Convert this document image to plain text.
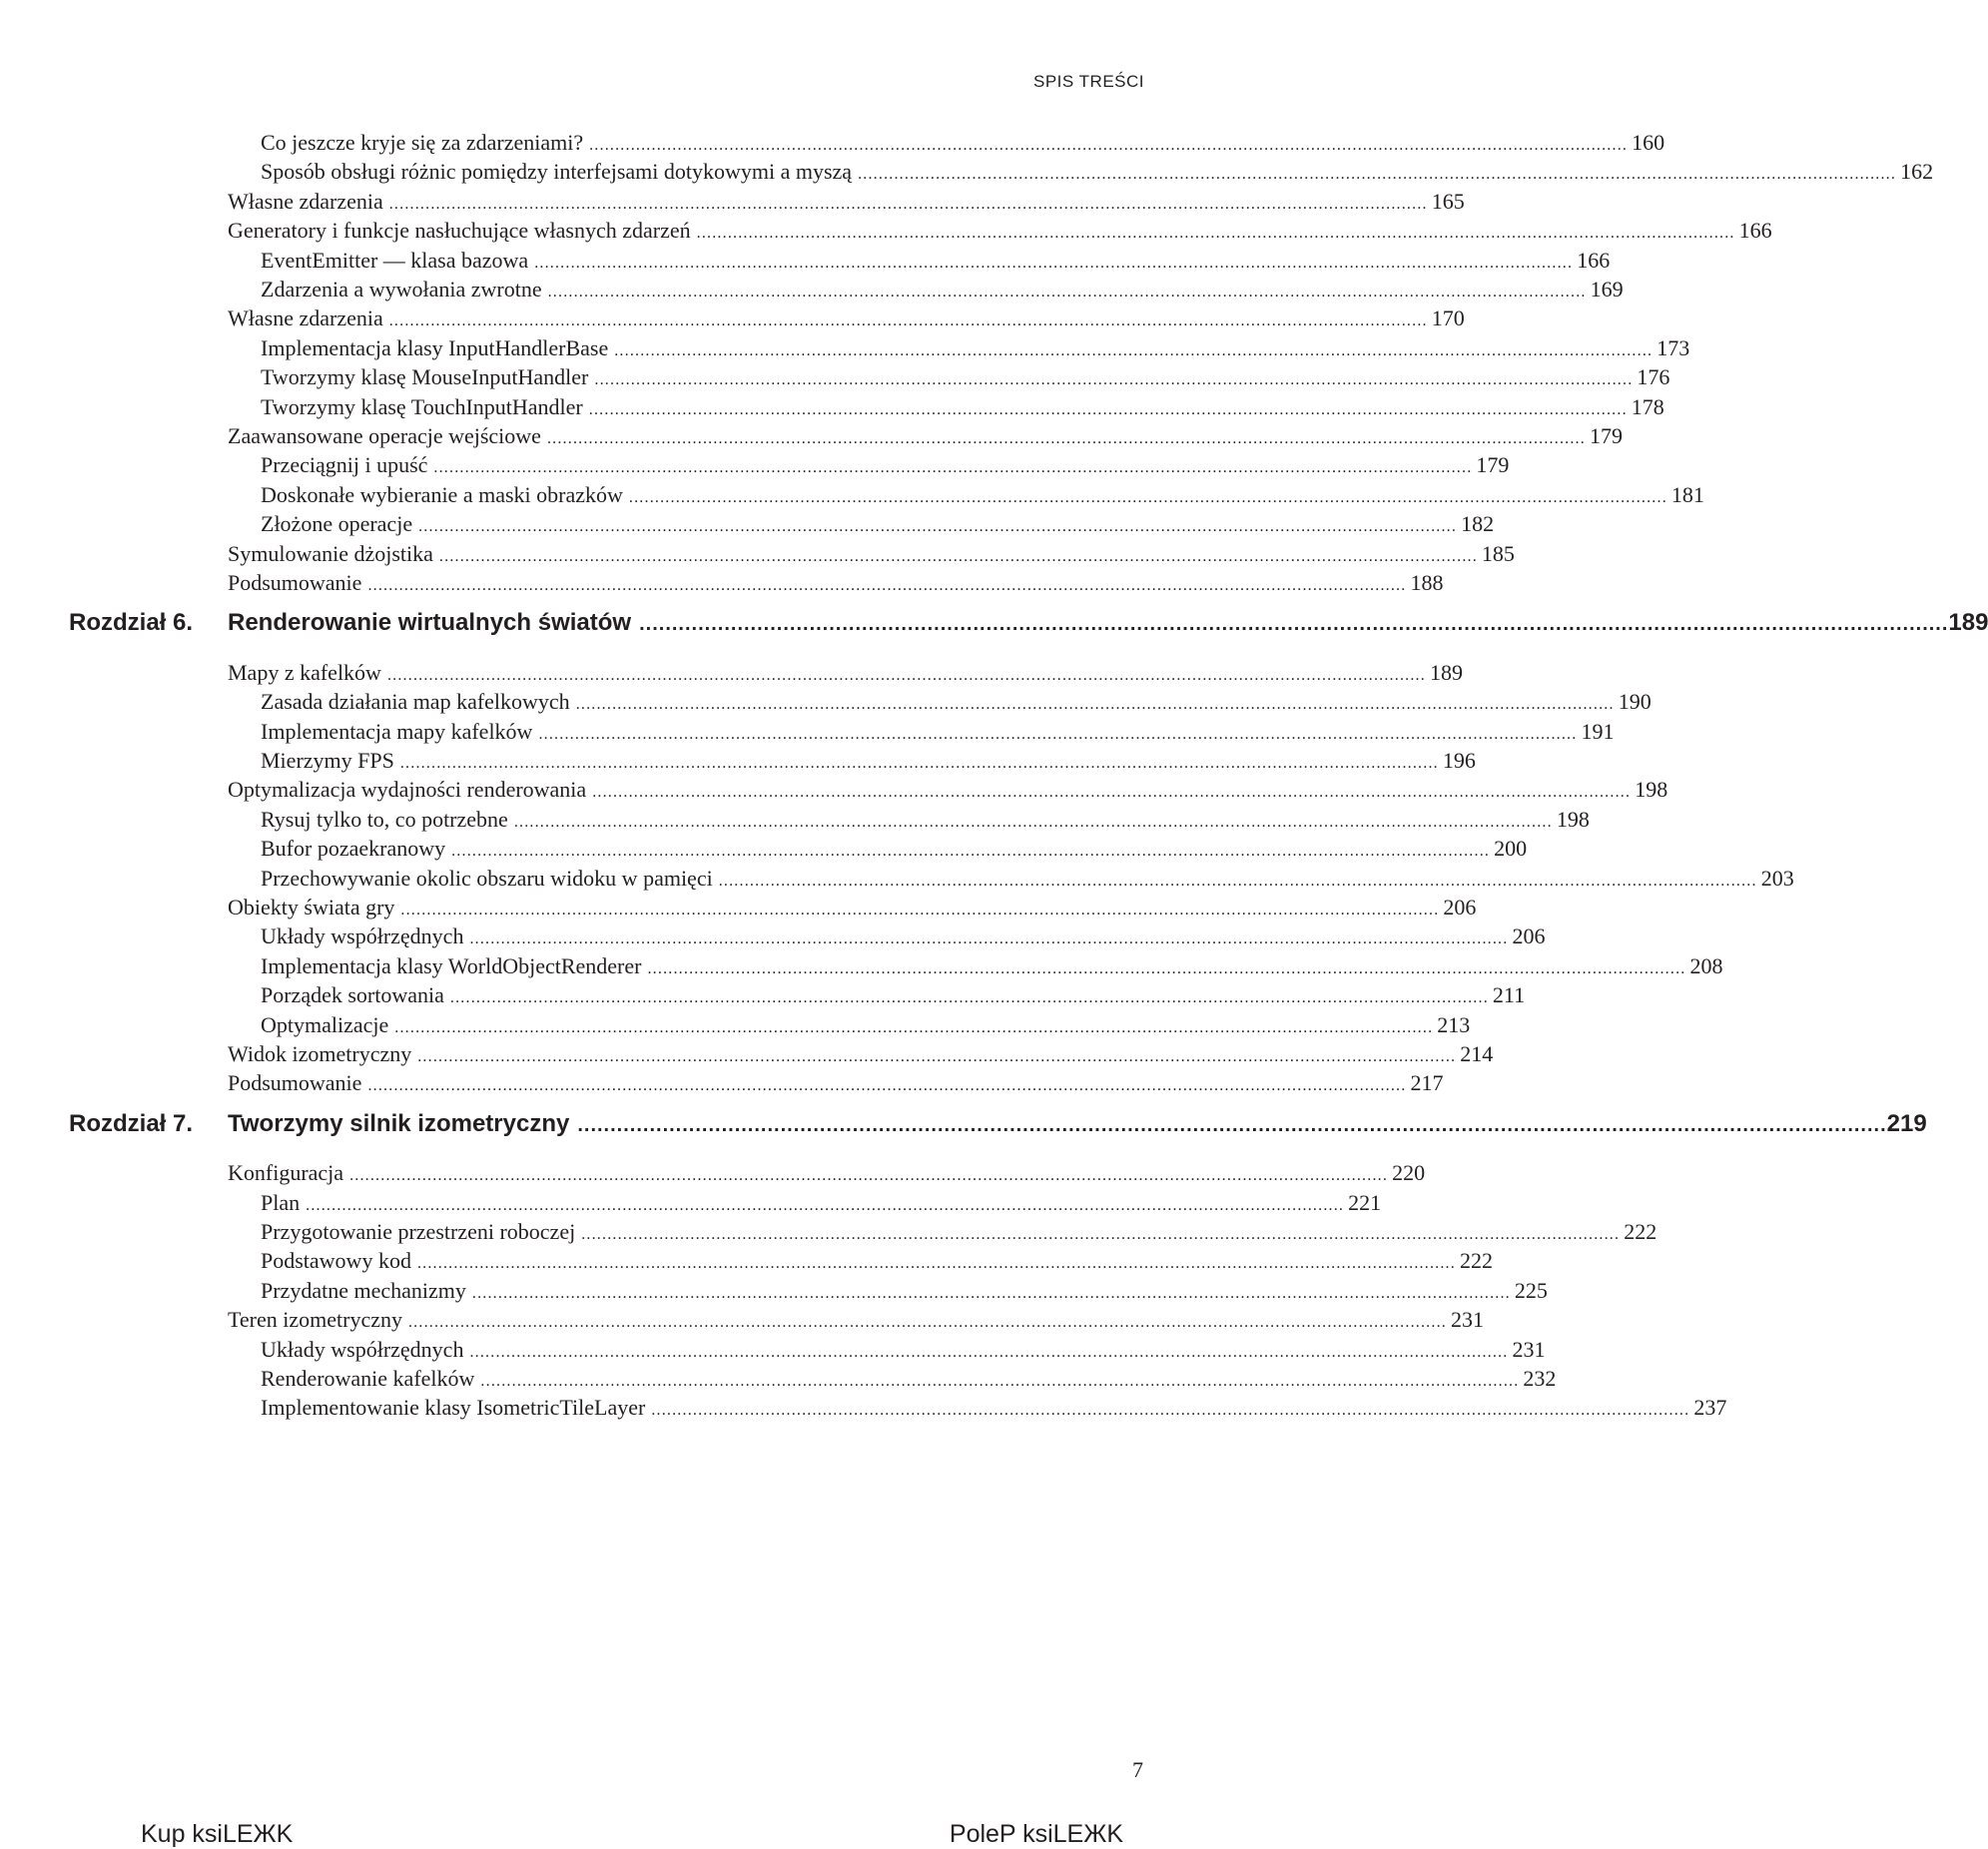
SPIS TREŚCI
Co jeszcze kryje się za zdarzeniami? ........................................................................................................................................................................................................ 160
Sposób obsługi różnic pomiędzy interfejsami dotykowymi a myszą ........................................................................................................................................................................................................ 162
Własne zdarzenia ........................................................................................................................................................................................................ 165
Generatory i funkcje nasłuchujące własnych zdarzeń ........................................................................................................................................................................................................ 166
EventEmitter — klasa bazowa ........................................................................................................................................................................................................ 166
Zdarzenia a wywołania zwrotne ........................................................................................................................................................................................................ 169
Własne zdarzenia ........................................................................................................................................................................................................ 170
Implementacja klasy InputHandlerBase ........................................................................................................................................................................................................ 173
Tworzymy klasę MouseInputHandler ........................................................................................................................................................................................................ 176
Tworzymy klasę TouchInputHandler ........................................................................................................................................................................................................ 178
Zaawansowane operacje wejściowe ........................................................................................................................................................................................................ 179
Przeciągnij i upuść ........................................................................................................................................................................................................ 179
Doskonałe wybieranie a maski obrazków ........................................................................................................................................................................................................ 181
Złożone operacje ........................................................................................................................................................................................................ 182
Symulowanie dżojstika ........................................................................................................................................................................................................ 185
Podsumowanie ........................................................................................................................................................................................................ 188
Rozdział 6. Renderowanie wirtualnych światów ........................................................................................................................................................................................................ 189
Mapy z kafelków ........................................................................................................................................................................................................ 189
Zasada działania map kafelkowych ........................................................................................................................................................................................................ 190
Implementacja mapy kafelków ........................................................................................................................................................................................................ 191
Mierzymy FPS ........................................................................................................................................................................................................ 196
Optymalizacja wydajności renderowania ........................................................................................................................................................................................................ 198
Rysuj tylko to, co potrzebne ........................................................................................................................................................................................................ 198
Bufor pozaekranowy ........................................................................................................................................................................................................ 200
Przechowywanie okolic obszaru widoku w pamięci ........................................................................................................................................................................................................ 203
Obiekty świata gry ........................................................................................................................................................................................................ 206
Układy współrzędnych ........................................................................................................................................................................................................ 206
Implementacja klasy WorldObjectRenderer ........................................................................................................................................................................................................ 208
Porządek sortowania ........................................................................................................................................................................................................ 211
Optymalizacje ........................................................................................................................................................................................................ 213
Widok izometryczny ........................................................................................................................................................................................................ 214
Podsumowanie ........................................................................................................................................................................................................ 217
Rozdział 7. Tworzymy silnik izometryczny ........................................................................................................................................................................................................ 219
Konfiguracja ........................................................................................................................................................................................................ 220
Plan ........................................................................................................................................................................................................ 221
Przygotowanie przestrzeni roboczej ........................................................................................................................................................................................................ 222
Podstawowy kod ........................................................................................................................................................................................................ 222
Przydatne mechanizmy ........................................................................................................................................................................................................ 225
Teren izometryczny ........................................................................................................................................................................................................ 231
Układy współrzędnych ........................................................................................................................................................................................................ 231
Renderowanie kafelków ........................................................................................................................................................................................................ 232
Implementowanie klasy IsometricTileLayer ........................................................................................................................................................................................................ 237
7
Kup ksiLЕЖK	PoleP ksiLЕЖK
